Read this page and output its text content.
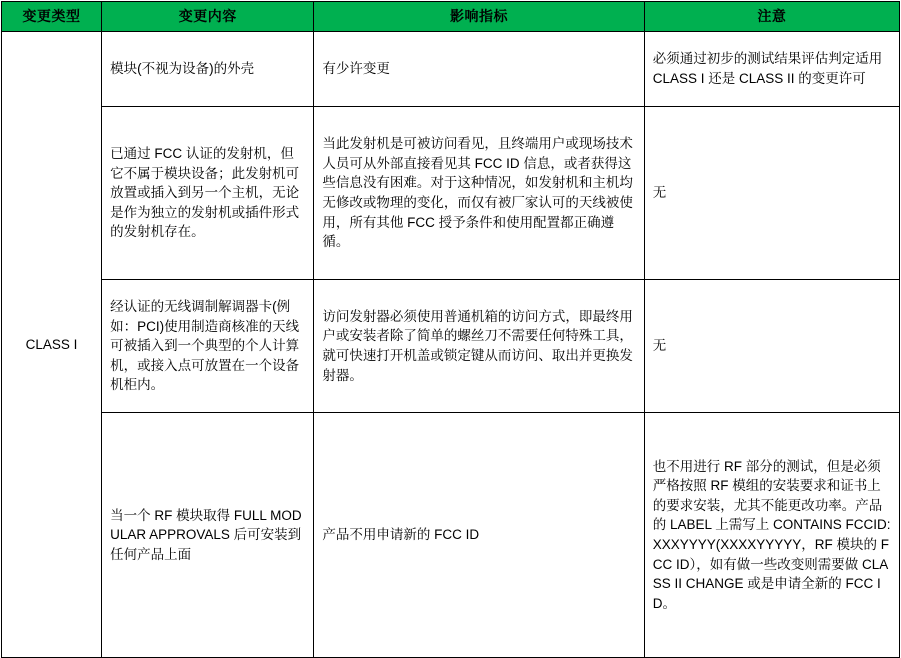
变更类型	变更内容	影响指标	注意
CLASS I	模块(不视为设备)的外壳	有少许变更	必须通过初步的测试结果评估判定适用 CLASS I 还是 CLASS II 的变更许可
	已通过 FCC 认证的发射机，但它不属于模块设备；此发射机可放置或插入到另一个主机，无论是作为独立的发射机或插件形式的发射机存在。	当此发射机是可被访问看见，且终端用户或现场技术人员可从外部直接看见其 FCC ID 信息，或者获得这些信息没有困难。对于这种情况，如发射机和主机均无修改或物理的变化，而仅有被厂家认可的天线被使用，所有其他 FCC 授予条件和使用配置都正确遵循。	无
	经认证的无线调制解调器卡(例如：PCI)使用制造商核准的天线可被插入到一个典型的个人计算机，或接入点可放置在一个设备机柜内。	访问发射器必须使用普通机箱的访问方式，即最终用户或安装者除了简单的螺丝刀不需要任何特殊工具，就可快速打开机盖或锁定键从而访问、取出并更换发射器。	无
	当一个 RF 模块取得 FULL MODULAR APPROVALS 后可安装到任何产品上面	产品不用申请新的 FCC ID	也不用进行 RF 部分的测试，但是必须严格按照 RF 模组的安装要求和证书上的要求安装，尤其不能更改功率。产品的 LABEL 上需写上 CONTAINS FCCID:XXXYYYY(XXXXYYYYY，RF 模块的 FCC ID），如有做一些改变则需要做 CLASS II CHANGE 或是申请全新的 FCC ID。
